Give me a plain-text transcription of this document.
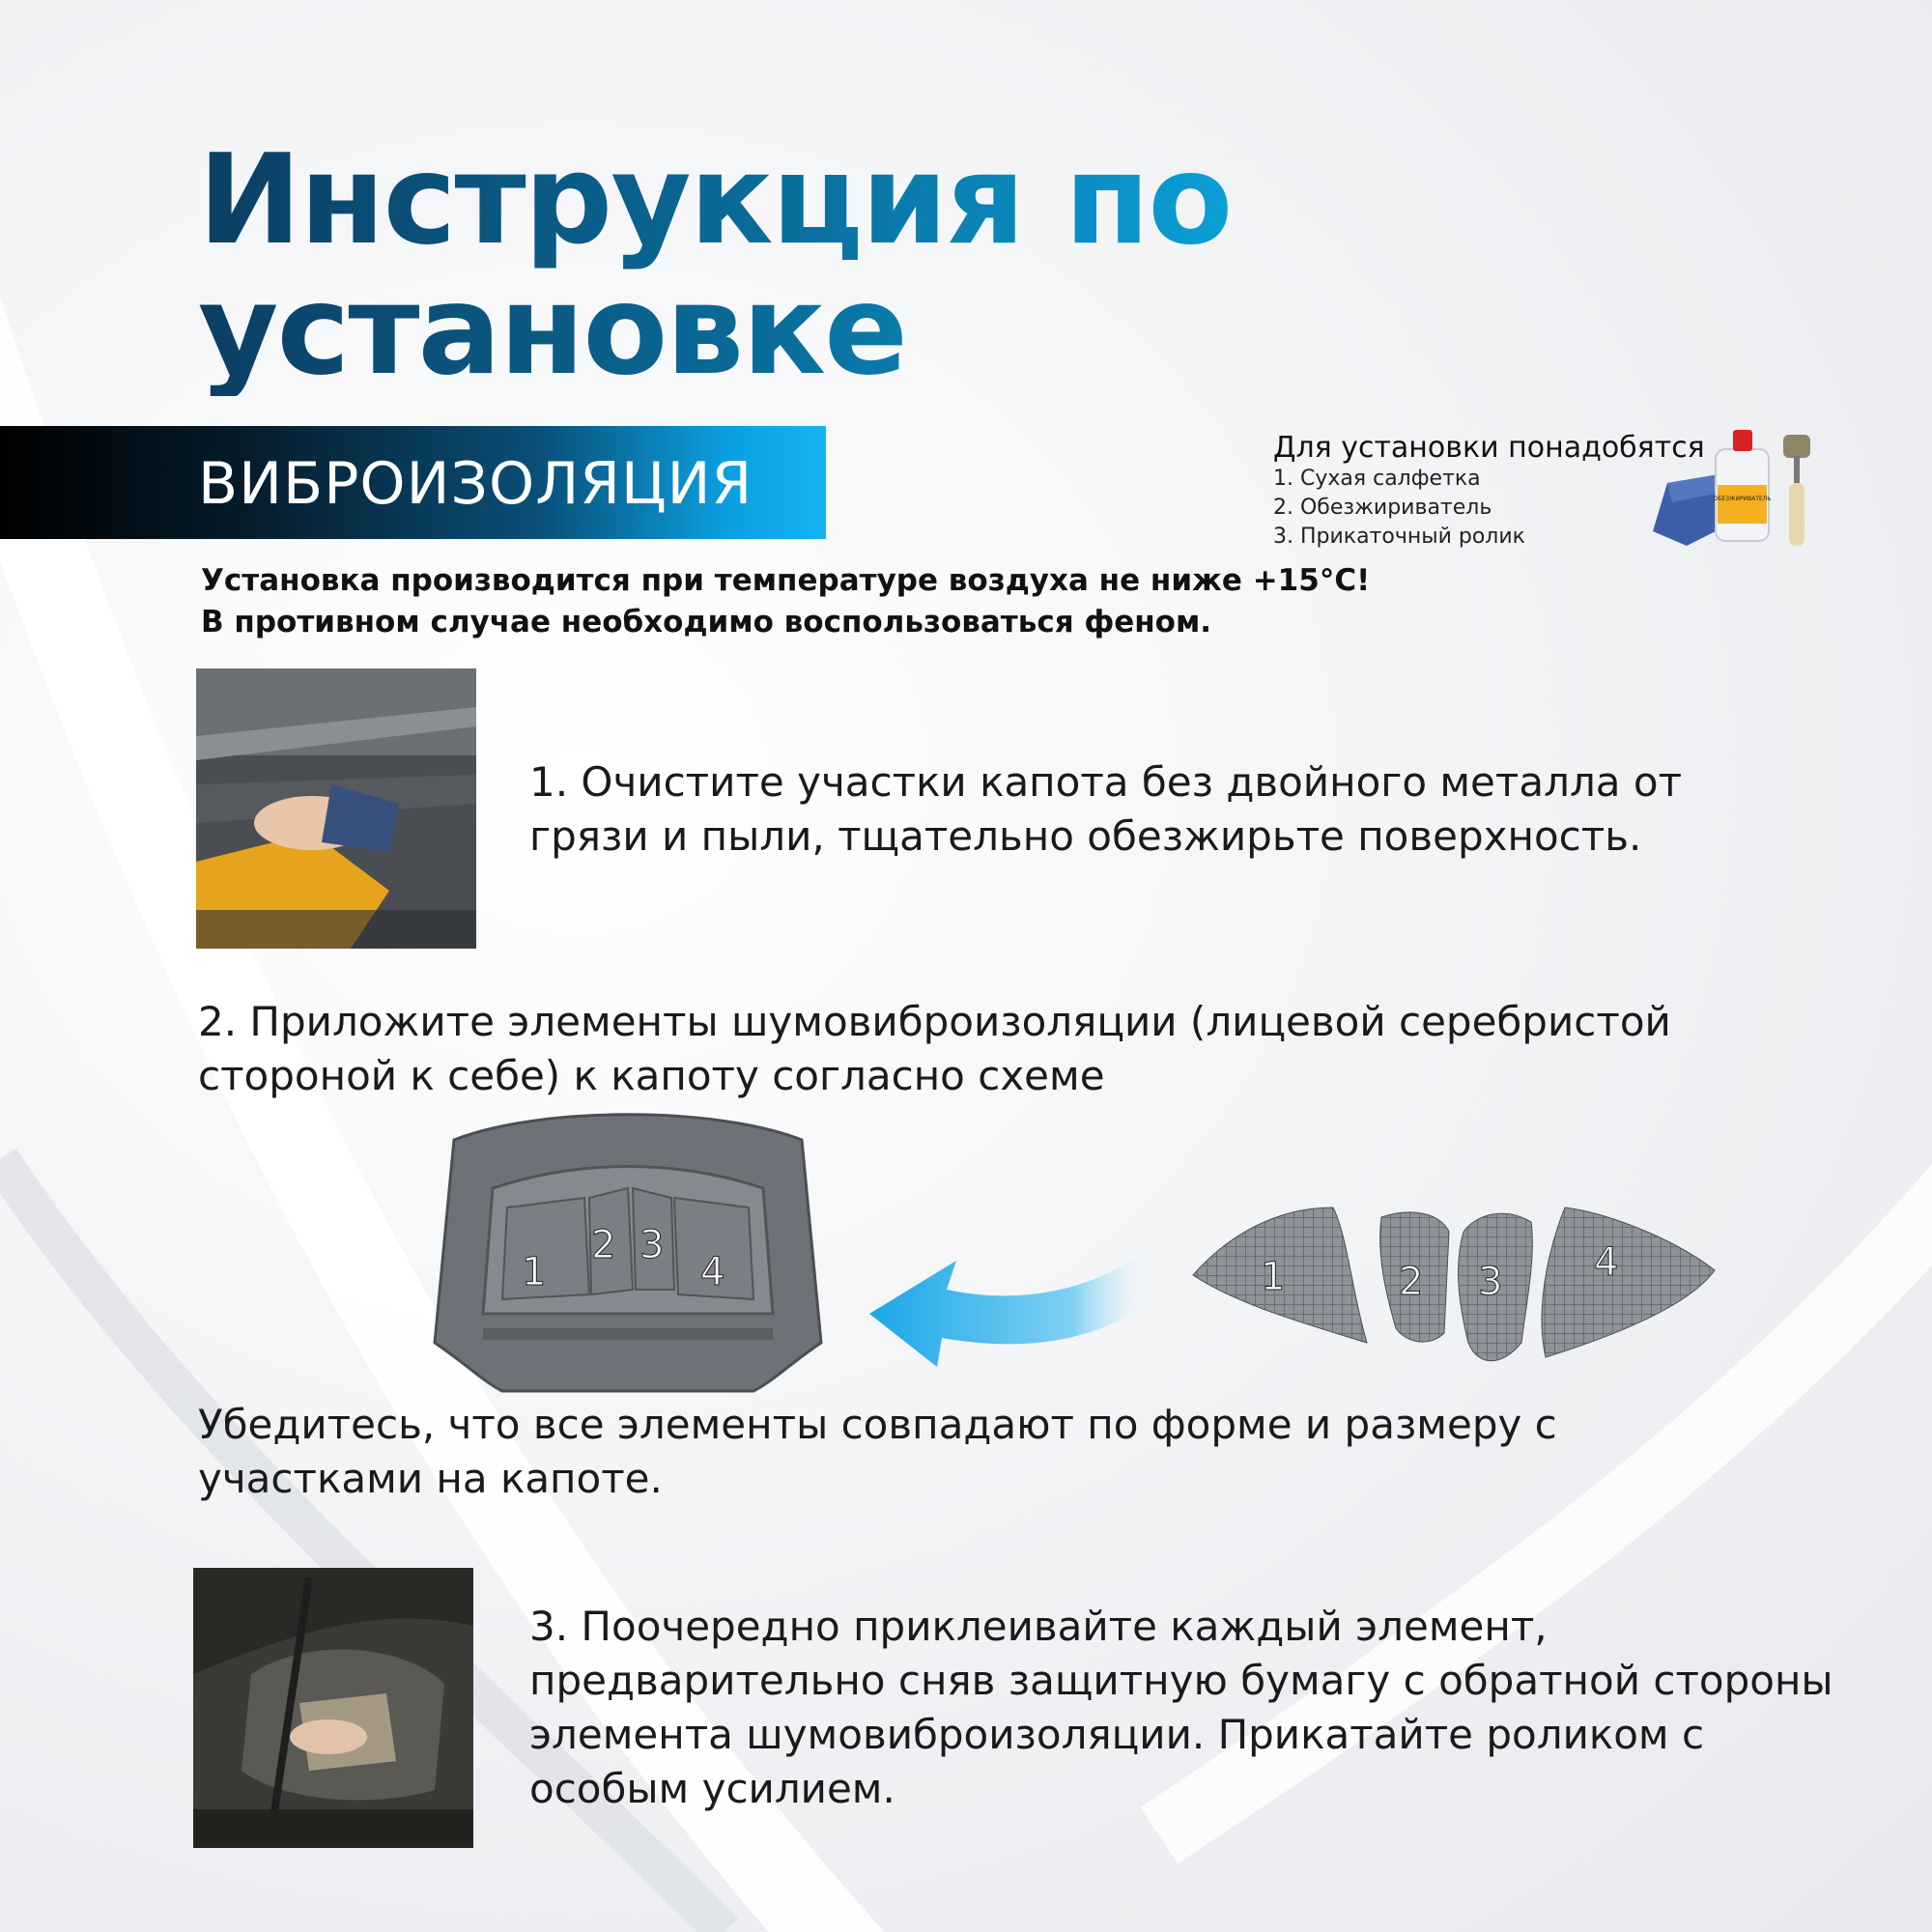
Инструкция по
установке
ВИБРОИЗОЛЯЦИЯ
Для установки понадобятся
1. Сухая салфетка
2. Обезжириватель
3. Прикаточный ролик
ОБЕЗЖИРИВАТЕЛЬ
Установка производится при температуре воздуха не ниже +15°C!
В противном случае необходимо воспользоваться феном.
1. Очистите участки капота без двойного металла от грязи и пыли, тщательно обезжирьте поверхность.
2. Приложите элементы шумовиброизоляции (лицевой серебристой стороной к себе) к капоту согласно схеме
1
2 3
4	1	2 3 4
Убедитесь, что все элементы совпадают по форме и размеру с участками на капоте.
3. Поочередно приклеивайте каждый элемент, предварительно сняв защитную бумагу с обратной стороны элемента шумовиброизоляции. Прикатайте роликом с особым усилием.
